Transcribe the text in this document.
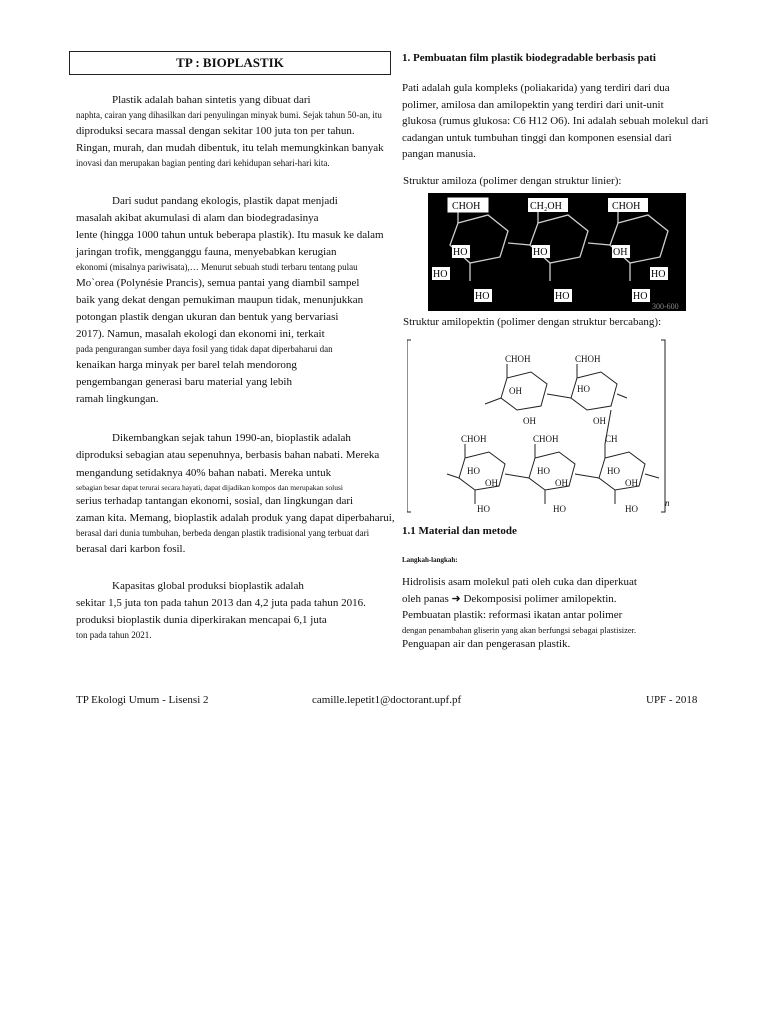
TP : BIOPLASTIK
Plastik adalah bahan sintetis yang dibuat dari
naphta, cairan yang dihasilkan dari penyulingan minyak bumi. Sejak tahun 50-an, itu
diproduksi secara massal dengan sekitar 100 juta ton per tahun.
Ringan, murah, dan mudah dibentuk, itu telah memungkinkan banyak
inovasi dan merupakan bagian penting dari kehidupan sehari-hari kita.
Dari sudut pandang ekologis, plastik dapat menjadi
masalah akibat akumulasi di alam dan biodegradasinya
lente (hingga 1000 tahun untuk beberapa plastik). Itu masuk ke dalam
jaringan trofik, mengganggu fauna, menyebabkan kerugian
ekonomi (misalnya pariwisata),… Menurut sebuah studi terbaru tentang pulau
Mo`orea (Polynésie Prancis), semua pantai yang diambil sampel
baik yang dekat dengan pemukiman maupun tidak, menunjukkan
potongan plastik dengan ukuran dan bentuk yang bervariasi
2017). Namun, masalah ekologi dan ekonomi ini, terkait
pada pengurangan sumber daya fosil yang tidak dapat diperbaharui dan
kenaikan harga minyak per barel telah mendorong
pengembangan generasi baru material yang lebih
ramah lingkungan.
Dikembangkan sejak tahun 1990-an, bioplastik adalah
diproduksi sebagian atau sepenuhnya, berbasis bahan nabati. Mereka
mengandung setidaknya 40% bahan nabati. Mereka untuk
sebagian besar dapat terurai secara hayati, dapat dijadikan kompos dan merupakan solusi
serius terhadap tantangan ekonomi, sosial, dan lingkungan dari
zaman kita. Memang, bioplastik adalah produk yang dapat diperbaharui,
berasal dari dunia tumbuhan, berbeda dengan plastik tradisional yang terbuat dari
berasal dari karbon fosil.
Kapasitas global produksi bioplastik adalah
sekitar 1,5 juta ton pada tahun 2013 dan 4,2 juta pada tahun 2016.
produksi bioplastik dunia diperkirakan mencapai 6,1 juta
ton pada tahun 2021.
1. Pembuatan film plastik biodegradable berbasis pati
Pati adalah gula kompleks (poliakarida) yang terdiri dari dua
polimer, amilosa dan amilopektin yang terdiri dari unit-unit
glukosa (rumus glukosa: C6 H12 O6). Ini adalah sebuah molekul dari
cadangan untuk tumbuhan tinggi dan komponen esensial dari
pangan manusia.
Struktur amiloza (polimer dengan struktur linier):
CHOH	CH₂OH	CHOH
HO	HO	OH
HO	HO
HO	HO	HO
300-600
Struktur amilopektin (polimer dengan struktur bercabang):
CHOH	CHOH
OH	HO
OH	OH
CHOH	CHOH	CH
HO	HO	HO
OH	OH	OH
HO	HO	HO
n
1.1 Material dan metode
Langkah-langkah:
Hidrolisis asam molekul pati oleh cuka dan diperkuat
oleh panas ➜ Dekomposisi polimer amilopektin.
Pembuatan plastik: reformasi ikatan antar polimer
dengan penambahan gliserin yang akan berfungsi sebagai plastisizer.
Penguapan air dan pengerasan plastik.
TP Ekologi Umum - Lisensi 2	camille.lepetit1@doctorant.upf.pf	UPF - 2018
